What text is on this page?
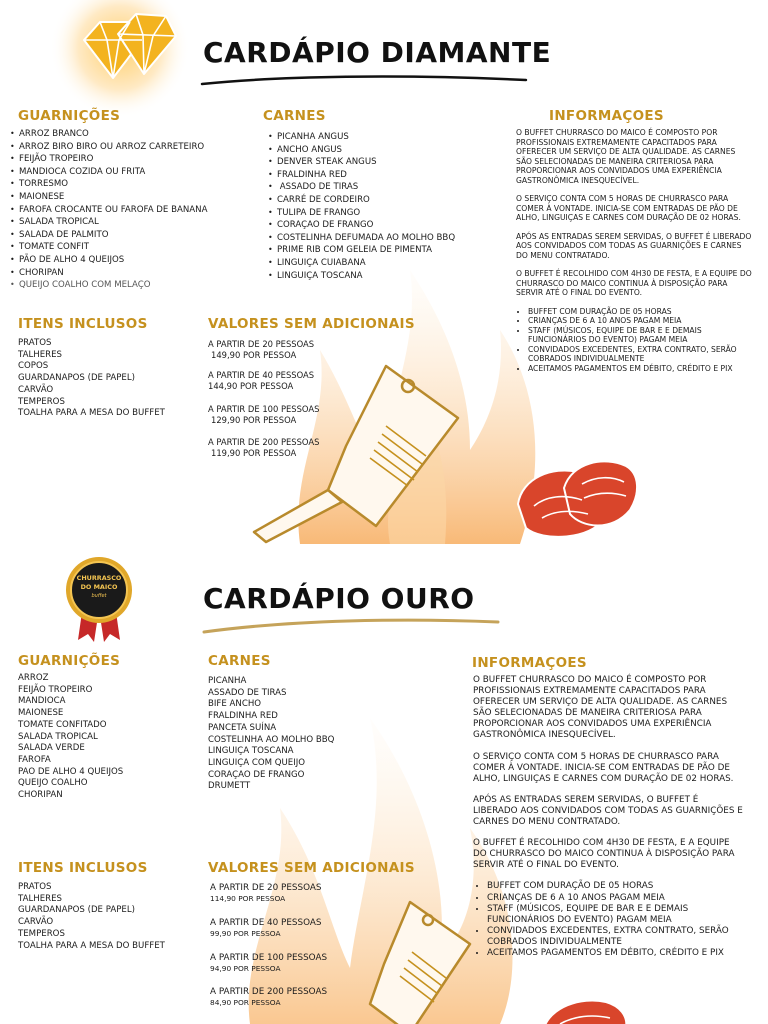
CARDÁPIO DIAMANTE
GUARNIÇÕES
• ARROZ BRANCO
• ARROZ BIRO BIRO OU ARROZ CARRETEIRO
• FEIJÃO TROPEIRO
• MANDIOCA COZIDA OU FRITA
• TORRESMO
• MAIONESE
• FAROFA CROCANTE OU FAROFA DE BANANA
• SALADA TROPICAL
• SALADA DE PALMITO
• TOMATE CONFIT
• PÃO DE ALHO 4 QUEIJOS
• CHORIPAN
• QUEIJO COALHO COM MELAÇO
CARNES
• PICANHA ANGUS
• ANCHO ANGUS
• DENVER STEAK ANGUS
• FRALDINHA RED
•  ASSADO DE TIRAS
• CARRÉ DE CORDEIRO
• TULIPA DE FRANGO
• CORAÇAO DE FRANGO
• COSTELINHA DEFUMADA AO MOLHO BBQ
• PRIME RIB COM GELEIA DE PIMENTA
• LINGUIÇA CUIABANA
• LINGUIÇA TOSCANA
INFORMAÇOES

O BUFFET CHURRASCO DO MAICO É COMPOSTO POR PROFISSIONAIS EXTREMAMENTE CAPACITADOS PARA OFERECER UM SERVIÇO DE ALTA QUALIDADE. AS CARNES SÃO SELECIONADAS DE MANEIRA CRITERIOSA PARA PROPORCIONAR AOS CONVIDADOS UMA EXPERIÊNCIA GASTRONÔMICA INESQUECÍVEL.

O SERVIÇO CONTA COM 5 HORAS DE CHURRASCO PARA COMER À VONTADE. INICIA-SE COM ENTRADAS DE PÃO DE ALHO, LINGUIÇAS E CARNES COM DURAÇÃO DE 02 HORAS.

APÓS AS ENTRADAS SEREM SERVIDAS, O BUFFET É LIBERADO AOS CONVIDADOS COM TODAS AS GUARNIÇÕES E CARNES DO MENU CONTRATADO.

O BUFFET É RECOLHIDO COM 4H30 DE FESTA, E A EQUIPE DO CHURRASCO DO MAICO CONTINUA À DISPOSIÇÃO PARA SERVIR ATÉ O FINAL DO EVENTO.

• BUFFET COM DURAÇÃO DE 05 HORAS
• CRIANÇAS DE 6 A 10 ANOS PAGAM MEIA
• STAFF (MÚSICOS, EQUIPE DE BAR E E DEMAIS FUNCIONÁRIOS DO EVENTO) PAGAM MEIA
• CONVIDADOS EXCEDENTES, EXTRA CONTRATO, SERÃO COBRADOS INDIVIDUALMENTE
• ACEITAMOS PAGAMENTOS EM DÉBITO, CRÉDITO E PIX
ITENS INCLUSOS
PRATOS
TALHERES
COPOS
GUARDANAPOS (DE PAPEL)
CARVÃO
TEMPEROS
TOALHA PARA A MESA DO BUFFET
VALORES SEM ADICIONAIS
A PARTIR DE 20 PESSOAS
149,90 POR PESSOA
A PARTIR DE 40 PESSOAS
144,90 POR PESSOA
A PARTIR DE 100 PESSOAS
129,90 POR PESSOA
A PARTIR DE 200 PESSOAS
119,90 POR PESSOA
CHURRASCO
DO MAICO
buffet	CARDÁPIO OURO
GUARNIÇÕES
ARROZ
FEIJÃO TROPEIRO
MANDIOCA
MAIONESE
TOMATE CONFITADO
SALADA TROPICAL
SALADA VERDE
FAROFA
PAO DE ALHO 4 QUEIJOS
QUEIJO COALHO
CHORIPAN
CARNES
PICANHA
ASSADO DE TIRAS
BIFE ANCHO
FRALDINHA RED
PANCETA SUÍNA
COSTELINHA AO MOLHO BBQ
LINGUIÇA TOSCANA
LINGUIÇA COM QUEIJO
CORAÇAO DE FRANGO
DRUMETT
INFORMAÇOES

O BUFFET CHURRASCO DO MAICO É COMPOSTO POR PROFISSIONAIS EXTREMAMENTE CAPACITADOS PARA OFERECER UM SERVIÇO DE ALTA QUALIDADE. AS CARNES SÃO SELECIONADAS DE MANEIRA CRITERIOSA PARA PROPORCIONAR AOS CONVIDADOS UMA EXPERIÊNCIA GASTRONÔMICA INESQUECÍVEL.

O SERVIÇO CONTA COM 5 HORAS DE CHURRASCO PARA COMER À VONTADE. INICIA-SE COM ENTRADAS DE PÃO DE ALHO, LINGUIÇAS E CARNES COM DURAÇÃO DE 02 HORAS.

APÓS AS ENTRADAS SEREM SERVIDAS, O BUFFET É LIBERADO AOS CONVIDADOS COM TODAS AS GUARNIÇÕES E CARNES DO MENU CONTRATADO.

O BUFFET É RECOLHIDO COM 4H30 DE FESTA, E A EQUIPE DO CHURRASCO DO MAICO CONTINUA À DISPOSIÇÃO PARA SERVIR ATÉ O FINAL DO EVENTO.

• BUFFET COM DURAÇÃO DE 05 HORAS
• CRIANÇAS DE 6 A 10 ANOS PAGAM MEIA
• STAFF (MÚSICOS, EQUIPE DE BAR E E DEMAIS FUNCIONÁRIOS DO EVENTO) PAGAM MEIA
• CONVIDADOS EXCEDENTES, EXTRA CONTRATO, SERÃO COBRADOS INDIVIDUALMENTE
• ACEITAMOS PAGAMENTOS EM DÉBITO, CRÉDITO E PIX
ITENS INCLUSOS
PRATOS
TALHERES
GUARDANAPOS (DE PAPEL)
CARVÃO
TEMPEROS
TOALHA PARA A MESA DO BUFFET
VALORES SEM ADICIONAIS
A PARTIR DE 20 PESSOAS
114,90 POR PESSOA
A PARTIR DE 40 PESSOAS
99,90 POR PESSOA
A PARTIR DE 100 PESSOAS
94,90 POR PESSOA
A PARTIR DE 200 PESSOAS
84,90 POR PESSOA
